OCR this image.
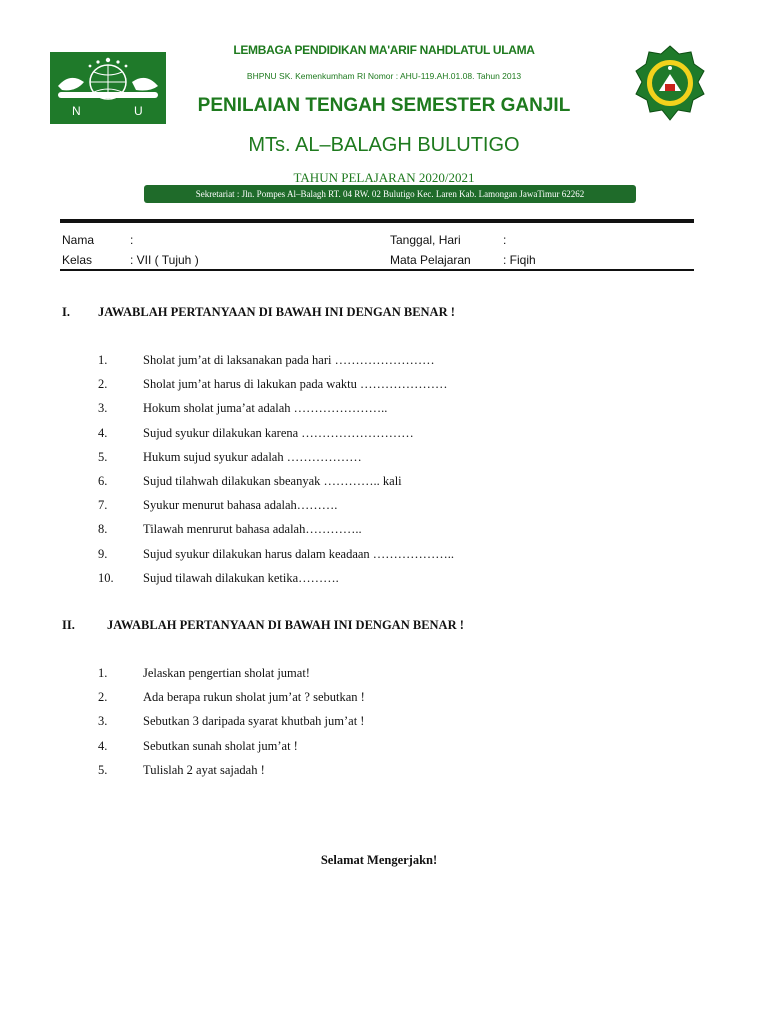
N	U
LEMBAGA PENDIDIKAN MA'ARIF NAHDLATUL ULAMA
BHPNU SK. Kemenkumham RI Nomor : AHU-119.AH.01.08. Tahun 2013
PENILAIAN TENGAH SEMESTER GANJIL
MTs. AL–BALAGH BULUTIGO
TAHUN PELAJARAN 2020/2021
Sekretariat : Jln. Pompes Al–Balagh RT. 04 RW. 02 Bulutigo Kec. Laren Kab. Lamongan JawaTimur 62262
Nama	:
Kelas	: VII ( Tujuh )
Tanggal, Hari	:
Mata Pelajaran	: Fiqih
I. JAWABLAH PERTANYAAN DI BAWAH INI DENGAN BENAR !
1.	Sholat jum’at di laksanakan pada hari ……………………
2.	Sholat jum’at harus di lakukan pada waktu …………………
3.	Hokum sholat juma’at adalah …………………..
4.	Sujud syukur dilakukan karena ………………………
5.	Hukum sujud syukur adalah ………………
6.	Sujud tilahwah dilakukan sbeanyak ………….. kali
7.	Syukur menurut bahasa adalah……….
8.	Tilawah menrurut bahasa adalah…………..
9.	Sujud syukur dilakukan harus dalam keadaan ………………..
10. Sujud tilawah dilakukan ketika……….
II.	JAWABLAH PERTANYAAN DI BAWAH INI DENGAN BENAR !
1.	Jelaskan pengertian sholat jumat!
2.	Ada berapa rukun sholat jum’at ? sebutkan !
3.	Sebutkan 3 daripada syarat khutbah jum’at !
4.	Sebutkan sunah sholat jum’at !
5.	Tulislah 2 ayat sajadah !
Selamat Mengerjakn!
